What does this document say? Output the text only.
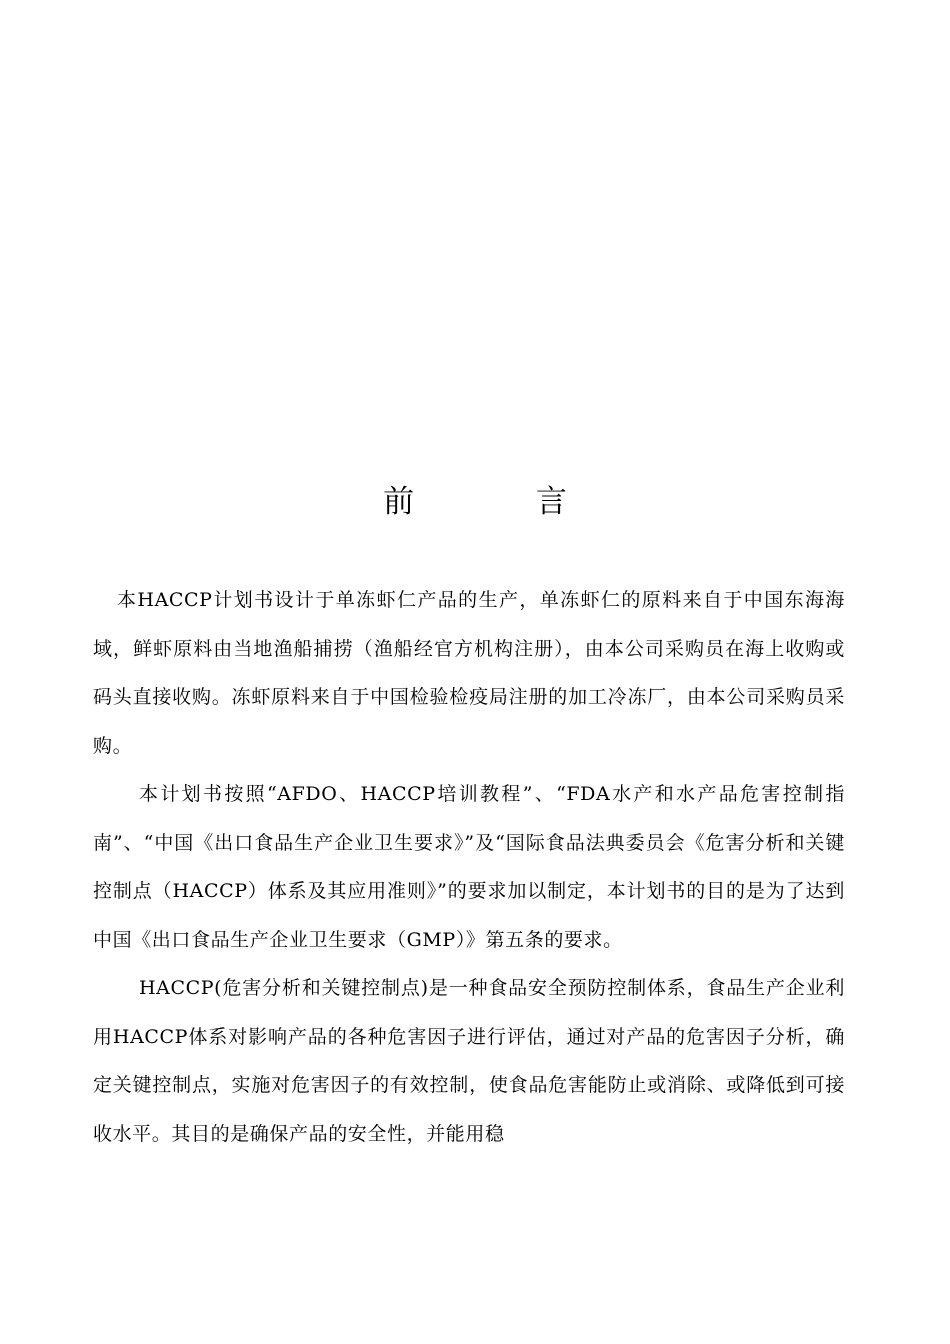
前 言

本HACCP计划书设计于单冻虾仁产品的生产，单冻虾仁的原料来自于中国东海海域，鲜虾原料由当地渔船捕捞（渔船经官方机构注册），由本公司采购员在海上收购或码头直接收购。冻虾原料来自于中国检验检疫局注册的加工冷冻厂，由本公司采购员采购。

本计划书按照“AFDO、HACCP培训教程”、“FDA水产和水产品危害控制指南”、“中国《出口食品生产企业卫生要求》”及“国际食品法典委员会《危害分析和关键控制点（HACCP）体系及其应用准则》”的要求加以制定，本计划书的目的是为了达到中国《出口食品生产企业卫生要求（GMP）》第五条的要求。

HACCP(危害分析和关键控制点)是一种食品安全预防控制体系，食品生产企业利用HACCP体系对影响产品的各种危害因子进行评估，通过对产品的危害因子分析，确定关键控制点，实施对危害因子的有效控制，使食品危害能防止或消除、或降低到可接收水平。其目的是确保产品的安全性，并能用稳
